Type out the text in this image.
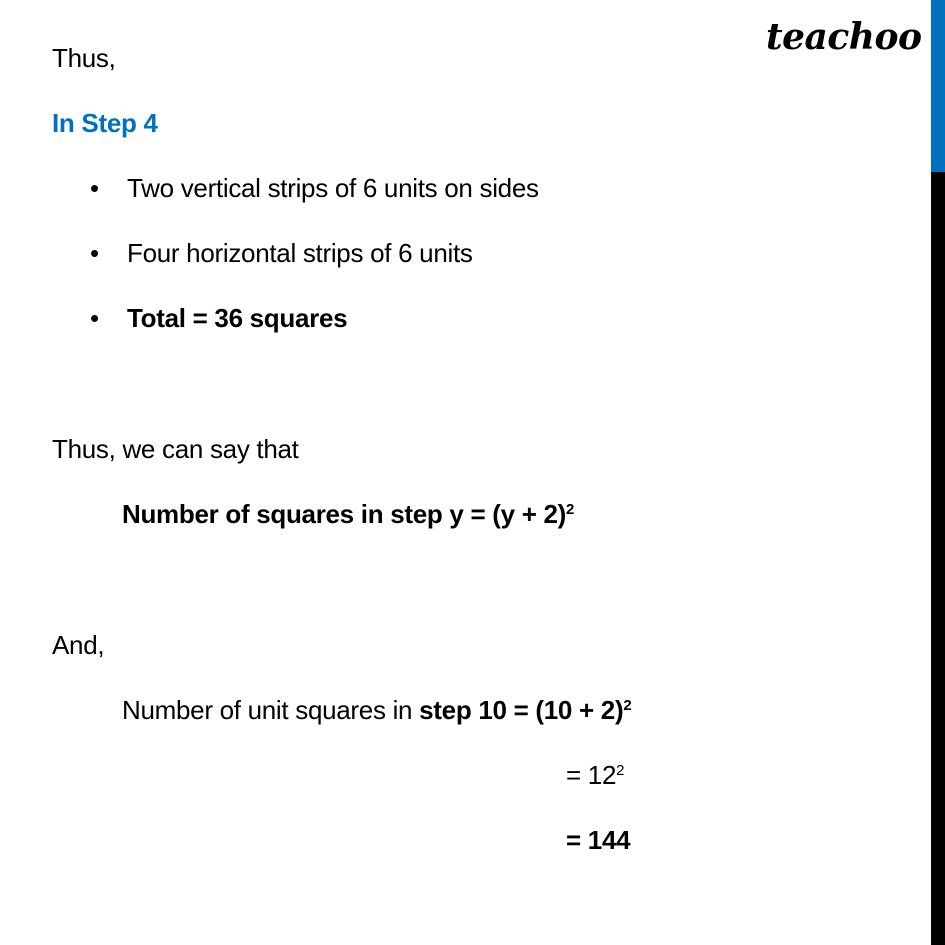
teachoo
Thus,
In Step 4
• Two vertical strips of 6 units on sides
• Four horizontal strips of 6 units
• Total = 36 squares
Thus, we can say that
Number of squares in step $y = (y + 2)^2$
And,
Number of unit squares in step $10 = (10 + 2)^2$
= $12^2$
= 144
